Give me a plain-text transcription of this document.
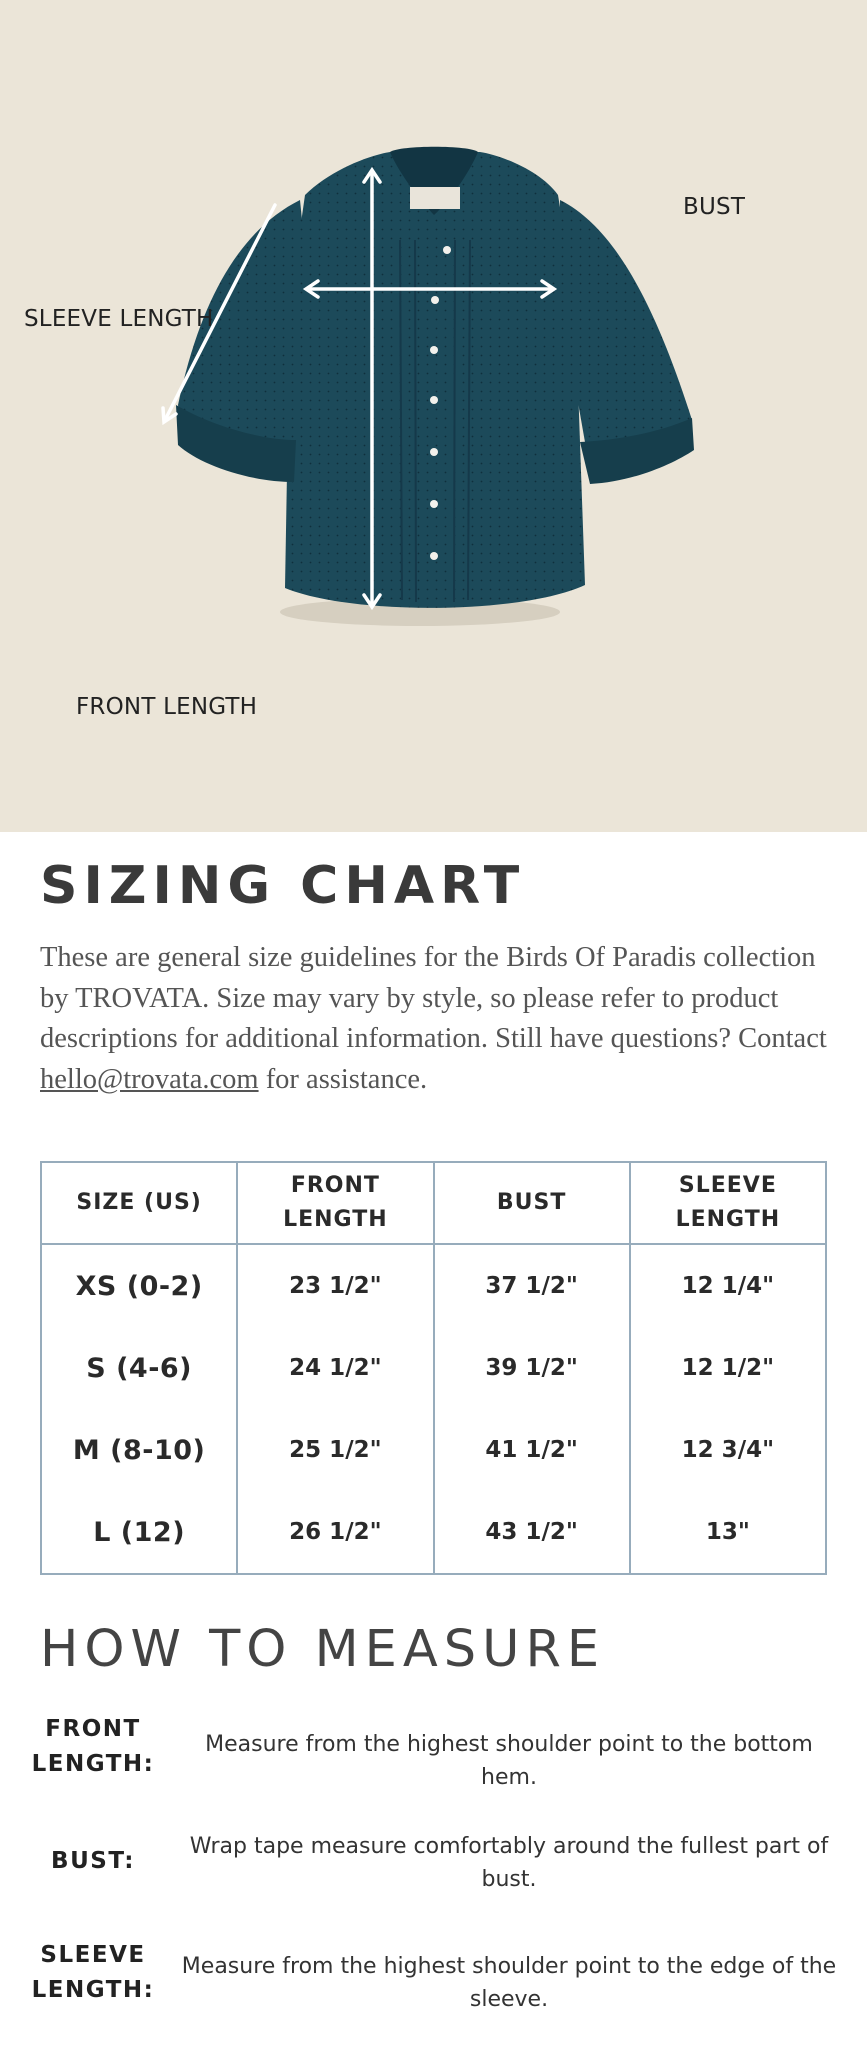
BUST
SLEEVE LENGTH
FRONT LENGTH
SIZING CHART

These are general size guidelines for the Birds Of Paradis collection by TROVATA. Size may vary by style, so please refer to product descriptions for additional information. Still have questions? Contact hello@trovata.com for assistance.

SIZE (US)	FRONT LENGTH	BUST	SLEEVE LENGTH
XS (0-2)	23 1/2"	37 1/2"	12 1/4"
S (4-6)	24 1/2"	39 1/2"	12 1/2"
M (8-10)	25 1/2"	41 1/2"	12 3/4"
L (12)	26 1/2"	43 1/2"	13"
HOW TO MEASURE
FRONT LENGTH:
Measure from the highest shoulder point to the bottom hem.
BUST:
Wrap tape measure comfortably around the fullest part of bust.
SLEEVE LENGTH:
Measure from the highest shoulder point to the edge of the sleeve.
